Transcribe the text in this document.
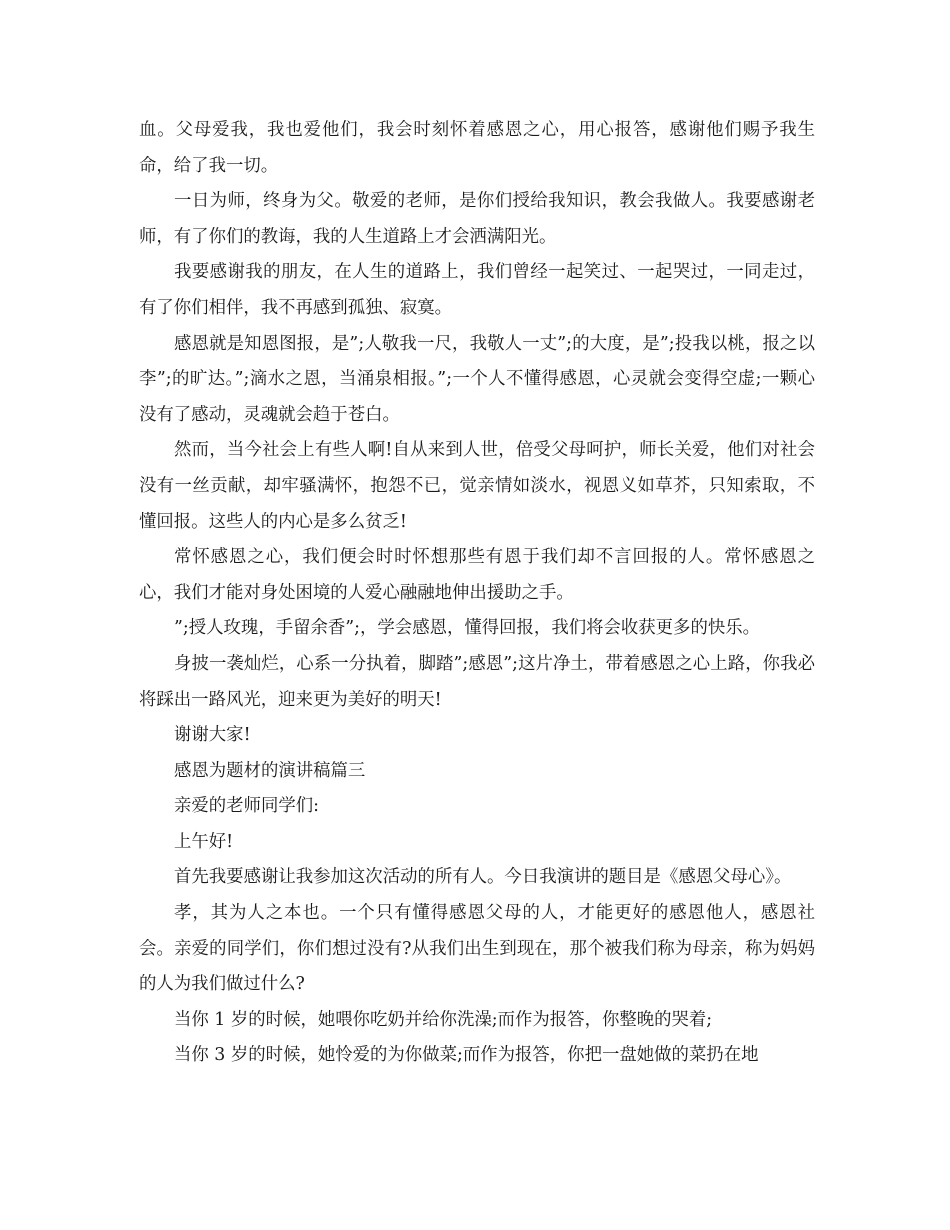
血。父母爱我，我也爱他们，我会时刻怀着感恩之心，用心报答，感谢他们赐予我生命，给了我一切。

一日为师，终身为父。敬爱的老师，是你们授给我知识，教会我做人。我要感谢老师，有了你们的教诲，我的人生道路上才会洒满阳光。

我要感谢我的朋友，在人生的道路上，我们曾经一起笑过、一起哭过，一同走过，有了你们相伴，我不再感到孤独、寂寞。

感恩就是知恩图报，是”;人敬我一尺，我敬人一丈”;的大度，是”;投我以桃，报之以李”;的旷达。”;滴水之恩，当涌泉相报。”;一个人不懂得感恩，心灵就会变得空虚;一颗心没有了感动，灵魂就会趋于苍白。

然而，当今社会上有些人啊!自从来到人世，倍受父母呵护，师长关爱，他们对社会没有一丝贡献，却牢骚满怀，抱怨不已，觉亲情如淡水，视恩义如草芥，只知索取，不懂回报。这些人的内心是多么贫乏!

常怀感恩之心，我们便会时时怀想那些有恩于我们却不言回报的人。常怀感恩之心，我们才能对身处困境的人爱心融融地伸出援助之手。

”;授人玫瑰，手留余香”;，学会感恩，懂得回报，我们将会收获更多的快乐。

身披一袭灿烂，心系一分执着，脚踏”;感恩”;这片净土，带着感恩之心上路，你我必将踩出一路风光，迎来更为美好的明天!

谢谢大家!

感恩为题材的演讲稿篇三

亲爱的老师同学们:

上午好!

首先我要感谢让我参加这次活动的所有人。今日我演讲的题目是《感恩父母心》。

孝，其为人之本也。一个只有懂得感恩父母的人，才能更好的感恩他人，感恩社会。亲爱的同学们，你们想过没有?从我们出生到现在，那个被我们称为母亲，称为妈妈的人为我们做过什么?

当你 1 岁的时候，她喂你吃奶并给你洗澡;而作为报答，你整晚的哭着;

当你 3 岁的时候，她怜爱的为你做菜;而作为报答，你把一盘她做的菜扔在地
